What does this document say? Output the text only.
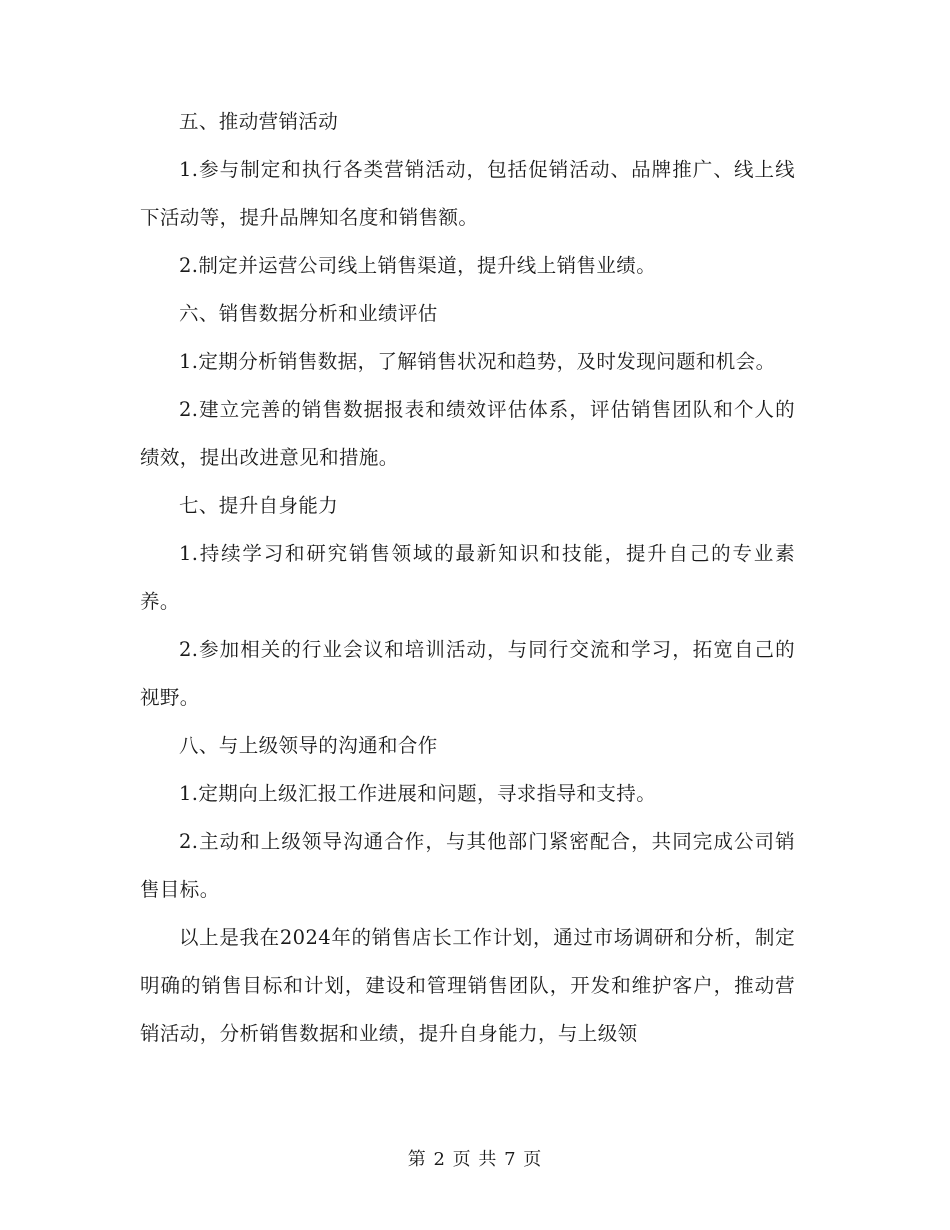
五、推动营销活动

1.参与制定和执行各类营销活动，包括促销活动、品牌推广、线上线下活动等，提升品牌知名度和销售额。

2.制定并运营公司线上销售渠道，提升线上销售业绩。

六、销售数据分析和业绩评估

1.定期分析销售数据，了解销售状况和趋势，及时发现问题和机会。

2.建立完善的销售数据报表和绩效评估体系，评估销售团队和个人的绩效，提出改进意见和措施。

七、提升自身能力

1.持续学习和研究销售领域的最新知识和技能，提升自己的专业素养。

2.参加相关的行业会议和培训活动，与同行交流和学习，拓宽自己的视野。

八、与上级领导的沟通和合作

1.定期向上级汇报工作进展和问题，寻求指导和支持。

2.主动和上级领导沟通合作，与其他部门紧密配合，共同完成公司销售目标。

以上是我在2024年的销售店长工作计划，通过市场调研和分析，制定明确的销售目标和计划，建设和管理销售团队，开发和维护客户，推动营销活动，分析销售数据和业绩，提升自身能力，与上级领

第 2 页 共 7 页
